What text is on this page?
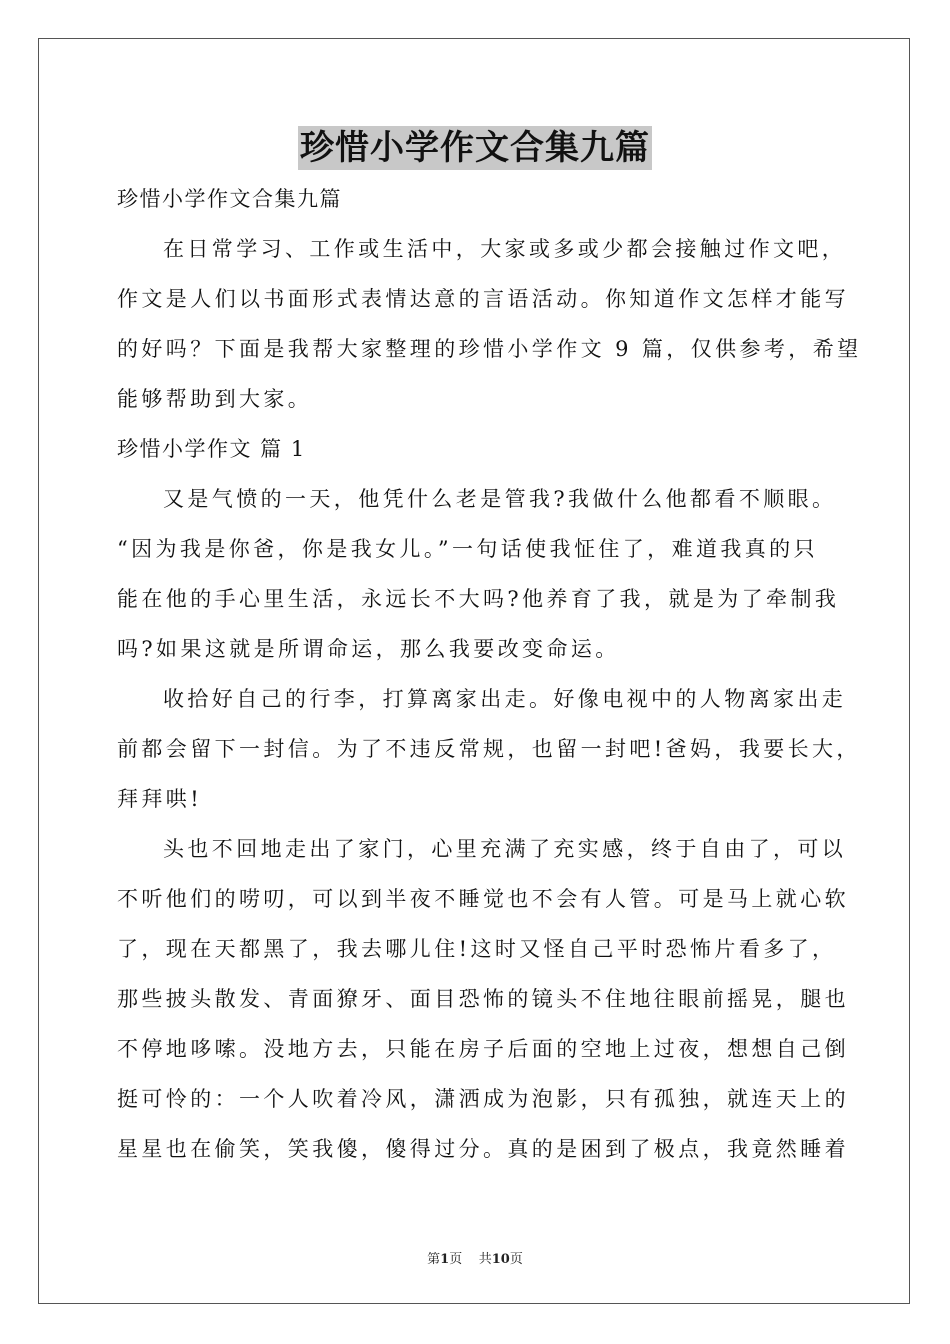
珍惜小学作文合集九篇
珍惜小学作文合集九篇
在日常学习、工作或生活中，大家或多或少都会接触过作文吧，
作文是人们以书面形式表情达意的言语活动。你知道作文怎样才能写
的好吗？下面是我帮大家整理的珍惜小学作文 9 篇，仅供参考，希望
能够帮助到大家。
珍惜小学作文 篇 1
又是气愤的一天，他凭什么老是管我?我做什么他都看不顺眼。
“因为我是你爸，你是我女儿。”一句话使我怔住了，难道我真的只
能在他的手心里生活，永远长不大吗?他养育了我，就是为了牵制我
吗?如果这就是所谓命运，那么我要改变命运。
收拾好自己的行李，打算离家出走。好像电视中的人物离家出走
前都会留下一封信。为了不违反常规，也留一封吧!爸妈，我要长大，
拜拜哄!
头也不回地走出了家门，心里充满了充实感，终于自由了，可以
不听他们的唠叨，可以到半夜不睡觉也不会有人管。可是马上就心软
了，现在天都黑了，我去哪儿住!这时又怪自己平时恐怖片看多了，
那些披头散发、青面獠牙、面目恐怖的镜头不住地往眼前摇晃，腿也
不停地哆嗦。没地方去，只能在房子后面的空地上过夜，想想自己倒
挺可怜的：一个人吹着冷风，潇洒成为泡影，只有孤独，就连天上的
星星也在偷笑，笑我傻，傻得过分。真的是困到了极点，我竟然睡着
第1页 共10页
